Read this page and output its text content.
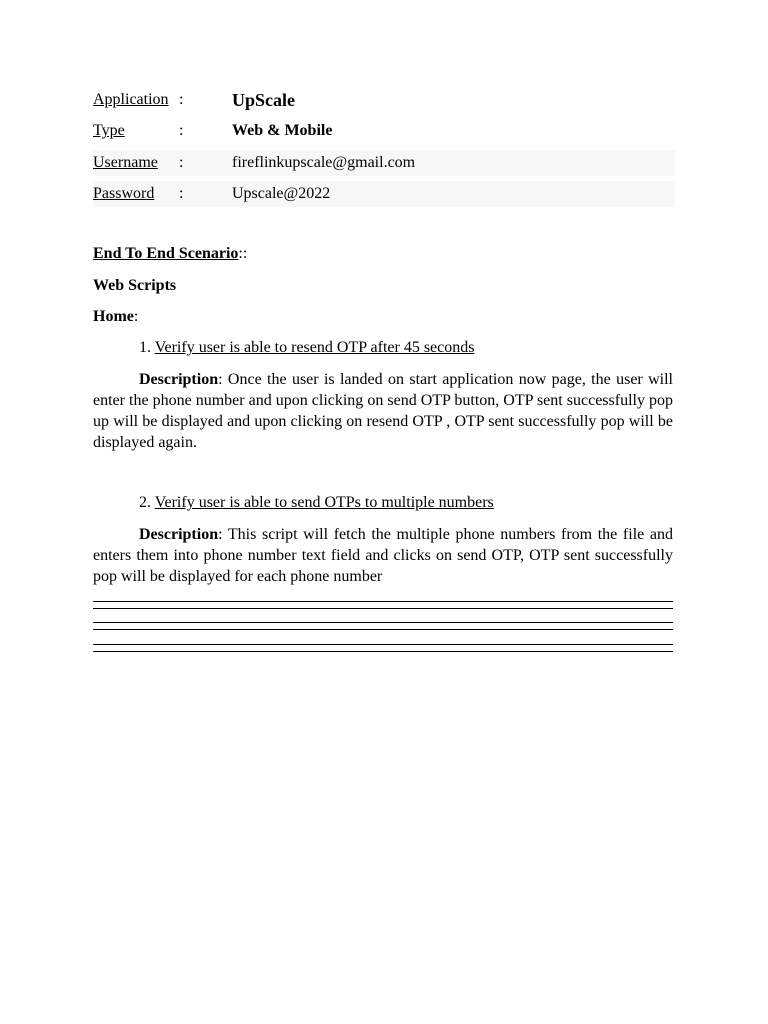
Application :	UpScale
Type	:	Web & Mobile
Username :	fireflinkupscale@gmail.com
Password :	Upscale@2022
End To End Scenario::
Web Scripts
Home:
1. Verify user is able to resend OTP after 45 seconds
Description: Once the user is landed on start application now page, the user will enter the phone number and upon clicking on send OTP button, OTP sent successfully pop up will be displayed and upon clicking on resend OTP , OTP sent successfully pop will be displayed again.
2. Verify user is able to send OTPs to multiple numbers
Description: This script will fetch the multiple phone numbers from the file and enters them into phone number text field and clicks on send OTP, OTP sent successfully pop will be displayed for each phone number
